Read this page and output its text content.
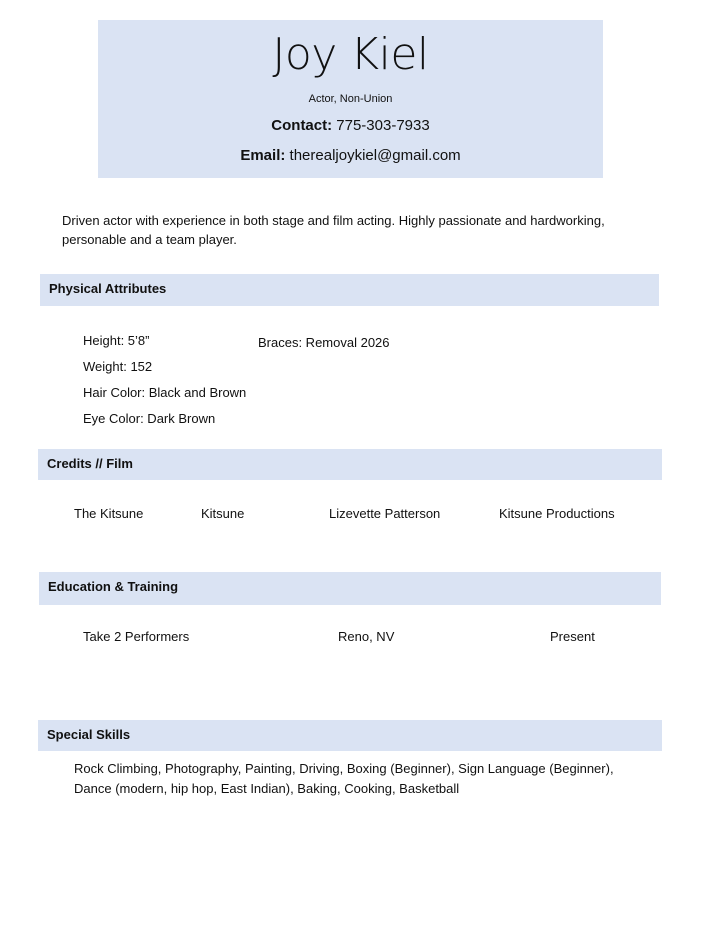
Joy Kiel
Actor, Non-Union
Contact: 775-303-7933
Email: therealjoykiel@gmail.com
Driven actor with experience in both stage and film acting. Highly passionate and hardworking, personable and a team player.
Physical Attributes
Height: 5’8”
Weight: 152
Hair Color: Black and Brown
Eye Color: Dark Brown
Braces: Removal 2026
Credits // Film
The Kitsune	Kitsune	Lizevette Patterson	Kitsune Productions
Education & Training
Take 2 Performers	Reno, NV	Present
Special Skills
Rock Climbing, Photography, Painting, Driving, Boxing (Beginner), Sign Language (Beginner), Dance (modern, hip hop, East Indian), Baking, Cooking, Basketball
